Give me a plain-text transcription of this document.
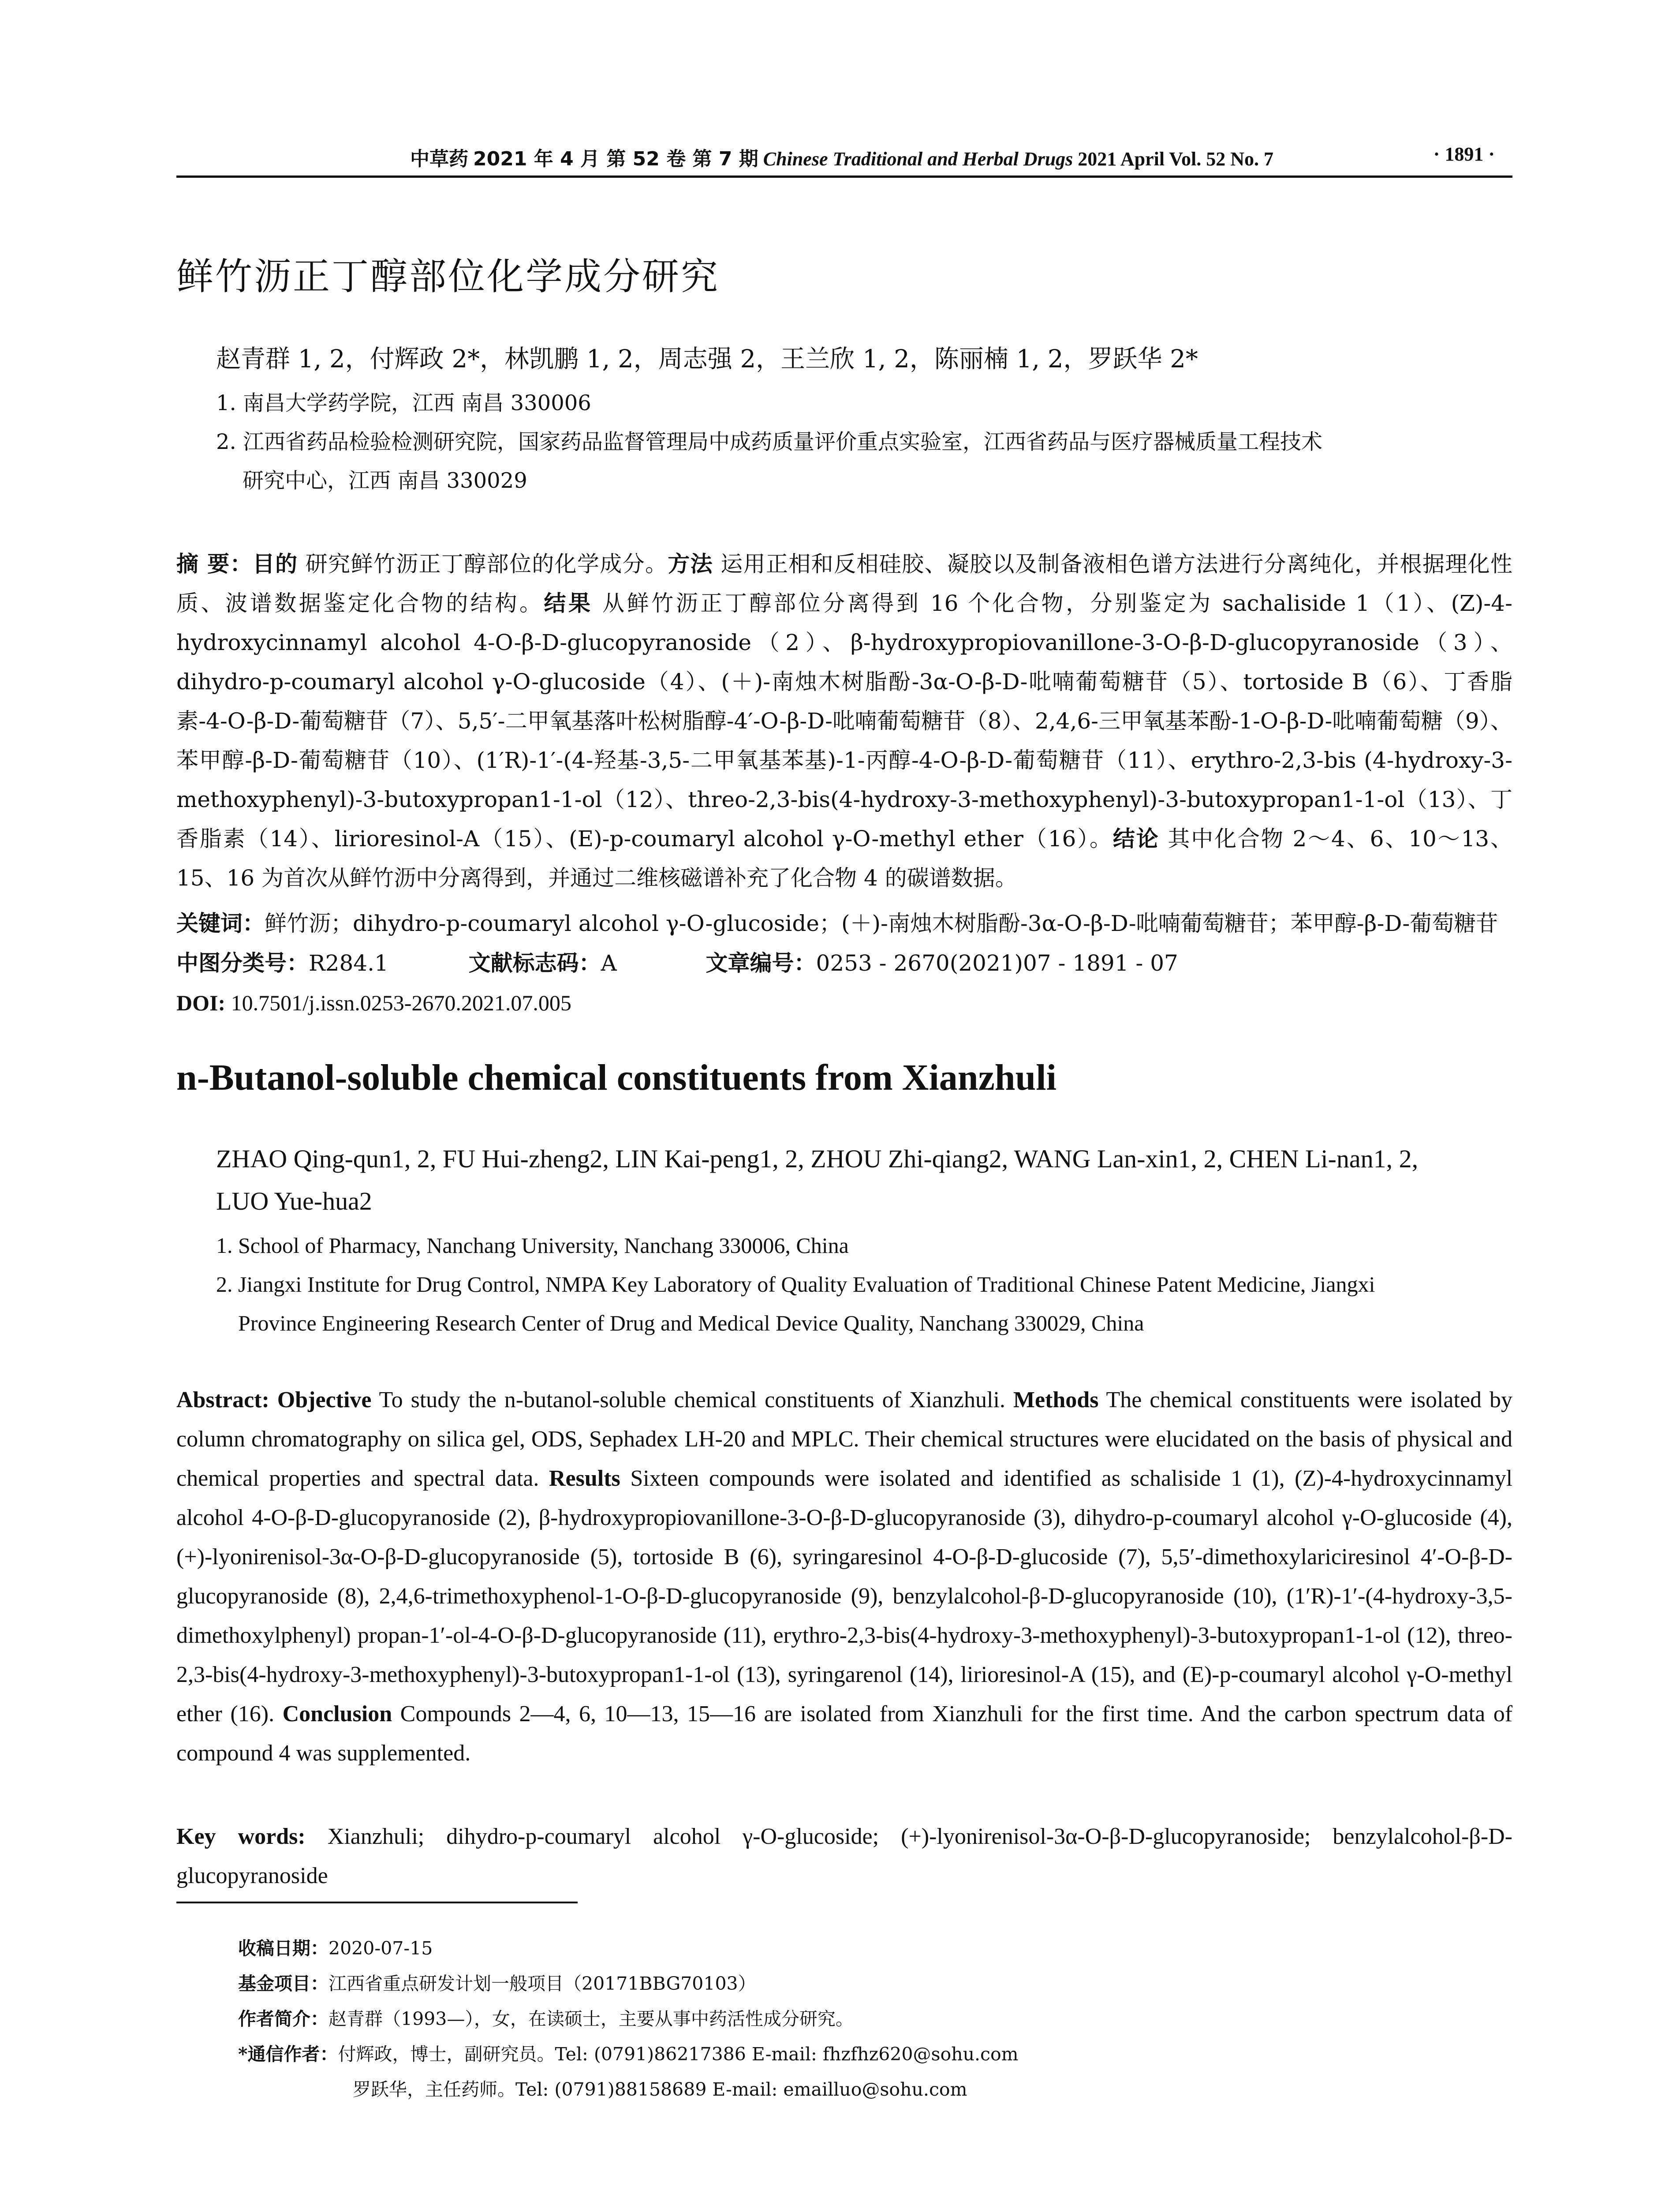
中草药 2021 年 4 月 第 52 卷 第 7 期 Chinese Traditional and Herbal Drugs 2021 April Vol. 52 No. 7	· 1891 ·
鲜竹沥正丁醇部位化学成分研究
赵青群 1, 2，付辉政 2*，林凯鹏 1, 2，周志强 2，王兰欣 1, 2，陈丽楠 1, 2，罗跃华 2*
1. 南昌大学药学院，江西 南昌 330006
2. 江西省药品检验检测研究院，国家药品监督管理局中成药质量评价重点实验室，江西省药品与医疗器械质量工程技术
研究中心，江西 南昌 330029
摘 要：目的 研究鲜竹沥正丁醇部位的化学成分。方法 运用正相和反相硅胶、凝胶以及制备液相色谱方法进行分离纯化，并根据理化性质、波谱数据鉴定化合物的结构。结果 从鲜竹沥正丁醇部位分离得到 16 个化合物，分别鉴定为 sachaliside 1（1）、(Z)-4-hydroxycinnamyl alcohol 4-O-β-D-glucopyranoside（2）、β-hydroxypropiovanillone-3-O-β-D-glucopyranoside（3）、dihydro-p-coumaryl alcohol γ-O-glucoside（4）、(＋)-南烛木树脂酚-3α-O-β-D-吡喃葡萄糖苷（5）、tortoside B（6）、丁香脂素-4-O-β-D-葡萄糖苷（7）、5,5′-二甲氧基落叶松树脂醇-4′-O-β-D-吡喃葡萄糖苷（8）、2,4,6-三甲氧基苯酚-1-O-β-D-吡喃葡萄糖（9）、苯甲醇-β-D-葡萄糖苷（10）、(1′R)-1′-(4-羟基-3,5-二甲氧基苯基)-1-丙醇-4-O-β-D-葡萄糖苷（11）、erythro-2,3-bis (4-hydroxy-3-methoxyphenyl)-3-butoxypropan1-1-ol（12）、threo-2,3-bis(4-hydroxy-3-methoxyphenyl)-3-butoxypropan1-1-ol（13）、丁香脂素（14）、lirioresinol-A（15）、(E)-p-coumaryl alcohol γ-O-methyl ether（16）。结论 其中化合物 2～4、6、10～13、15、16 为首次从鲜竹沥中分离得到，并通过二维核磁谱补充了化合物 4 的碳谱数据。
关键词：鲜竹沥；dihydro-p-coumaryl alcohol γ-O-glucoside；(＋)-南烛木树脂酚-3α-O-β-D-吡喃葡萄糖苷；苯甲醇-β-D-葡萄糖苷
中图分类号：R284.1	文献标志码：A	文章编号：0253 - 2670(2021)07 - 1891 - 07
DOI: 10.7501/j.issn.0253-2670.2021.07.005
n-Butanol-soluble chemical constituents from Xianzhuli
ZHAO Qing-qun1, 2, FU Hui-zheng2, LIN Kai-peng1, 2, ZHOU Zhi-qiang2, WANG Lan-xin1, 2, CHEN Li-nan1, 2,
LUO Yue-hua2
1. School of Pharmacy, Nanchang University, Nanchang 330006, China
2. Jiangxi Institute for Drug Control, NMPA Key Laboratory of Quality Evaluation of Traditional Chinese Patent Medicine, Jiangxi
Province Engineering Research Center of Drug and Medical Device Quality, Nanchang 330029, China
Abstract: Objective To study the n-butanol-soluble chemical constituents of Xianzhuli. Methods The chemical constituents were isolated by column chromatography on silica gel, ODS, Sephadex LH-20 and MPLC. Their chemical structures were elucidated on the basis of physical and chemical properties and spectral data. Results Sixteen compounds were isolated and identified as schaliside 1 (1), (Z)-4-hydroxycinnamyl alcohol 4-O-β-D-glucopyranoside (2), β-hydroxypropiovanillone-3-O-β-D-glucopyranoside (3), dihydro-p-coumaryl alcohol γ-O-glucoside (4), (+)-lyonirenisol-3α-O-β-D-glucopyranoside (5), tortoside B (6), syringaresinol 4-O-β-D-glucoside (7), 5,5′-dimethoxylariciresinol 4′-O-β-D-glucopyranoside (8), 2,4,6-trimethoxyphenol-1-O-β-D-glucopyranoside (9), benzylalcohol-β-D-glucopyranoside (10), (1′R)-1′-(4-hydroxy-3,5-dimethoxylphenyl) propan-1′-ol-4-O-β-D-glucopyranoside (11), erythro-2,3-bis(4-hydroxy-3-methoxyphenyl)-3-butoxypropan1-1-ol (12), threo-2,3-bis(4-hydroxy-3-methoxyphenyl)-3-butoxypropan1-1-ol (13), syringarenol (14), lirioresinol-A (15), and (E)-p-coumaryl alcohol γ-O-methyl ether (16). Conclusion Compounds 2—4, 6, 10—13, 15—16 are isolated from Xianzhuli for the first time. And the carbon spectrum data of compound 4 was supplemented.
Key words: Xianzhuli; dihydro-p-coumaryl alcohol γ-O-glucoside; (+)-lyonirenisol-3α-O-β-D-glucopyranoside; benzylalcohol-β-D-glucopyranoside
收稿日期：2020-07-15
基金项目：江西省重点研发计划一般项目（20171BBG70103）
作者简介：赵青群（1993—），女，在读硕士，主要从事中药活性成分研究。
*通信作者：付辉政，博士，副研究员。Tel: (0791)86217386 E-mail: fhzfhz620@sohu.com
罗跃华，主任药师。Tel: (0791)88158689 E-mail: emailluo@sohu.com
